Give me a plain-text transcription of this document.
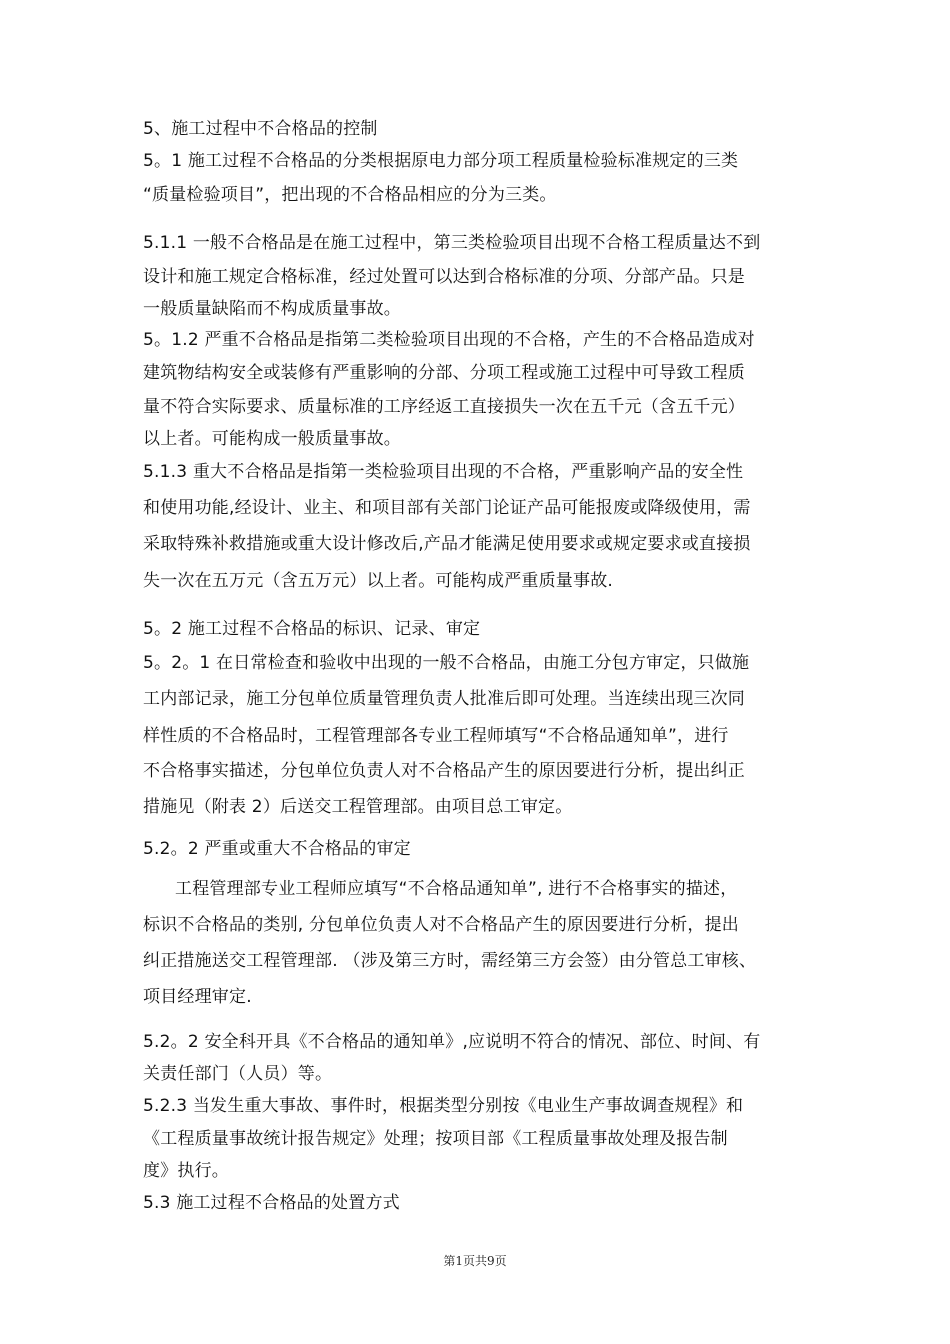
5、施工过程中不合格品的控制
5。1 施工过程不合格品的分类根据原电力部分项工程质量检验标准规定的三类
“质量检验项目”，把出现的不合格品相应的分为三类。
5.1.1 一般不合格品是在施工过程中，第三类检验项目出现不合格工程质量达不到
设计和施工规定合格标准，经过处置可以达到合格标准的分项、分部产品。只是
一般质量缺陷而不构成质量事故。
5。1.2 严重不合格品是指第二类检验项目出现的不合格，产生的不合格品造成对
建筑物结构安全或装修有严重影响的分部、分项工程或施工过程中可导致工程质
量不符合实际要求、质量标准的工序经返工直接损失一次在五千元（含五千元）
以上者。可能构成一般质量事故。
5.1.3 重大不合格品是指第一类检验项目出现的不合格，严重影响产品的安全性
和使用功能,经设计、业主、和项目部有关部门论证产品可能报废或降级使用，需
采取特殊补救措施或重大设计修改后,产品才能满足使用要求或规定要求或直接损
失一次在五万元（含五万元）以上者。可能构成严重质量事故.
5。2 施工过程不合格品的标识、记录、审定
5。2。1 在日常检查和验收中出现的一般不合格品，由施工分包方审定，只做施
工内部记录，施工分包单位质量管理负责人批准后即可处理。当连续出现三次同
样性质的不合格品时，工程管理部各专业工程师填写“不合格品通知单”，进行
不合格事实描述，分包单位负责人对不合格品产生的原因要进行分析，提出纠正
措施见（附表 2）后送交工程管理部。由项目总工审定。
5.2。2 严重或重大不合格品的审定
工程管理部专业工程师应填写“不合格品通知单”, 进行不合格事实的描述，
标识不合格品的类别, 分包单位负责人对不合格品产生的原因要进行分析，提出
纠正措施送交工程管理部. （涉及第三方时，需经第三方会签）由分管总工审核、
项目经理审定.
5.2。2 安全科开具《不合格品的通知单》,应说明不符合的情况、部位、时间、有
关责任部门（人员）等。
5.2.3 当发生重大事故、事件时，根据类型分别按《电业生产事故调查规程》和
《工程质量事故统计报告规定》处理；按项目部《工程质量事故处理及报告制
度》执行。
5.3 施工过程不合格品的处置方式
第1页共9页
